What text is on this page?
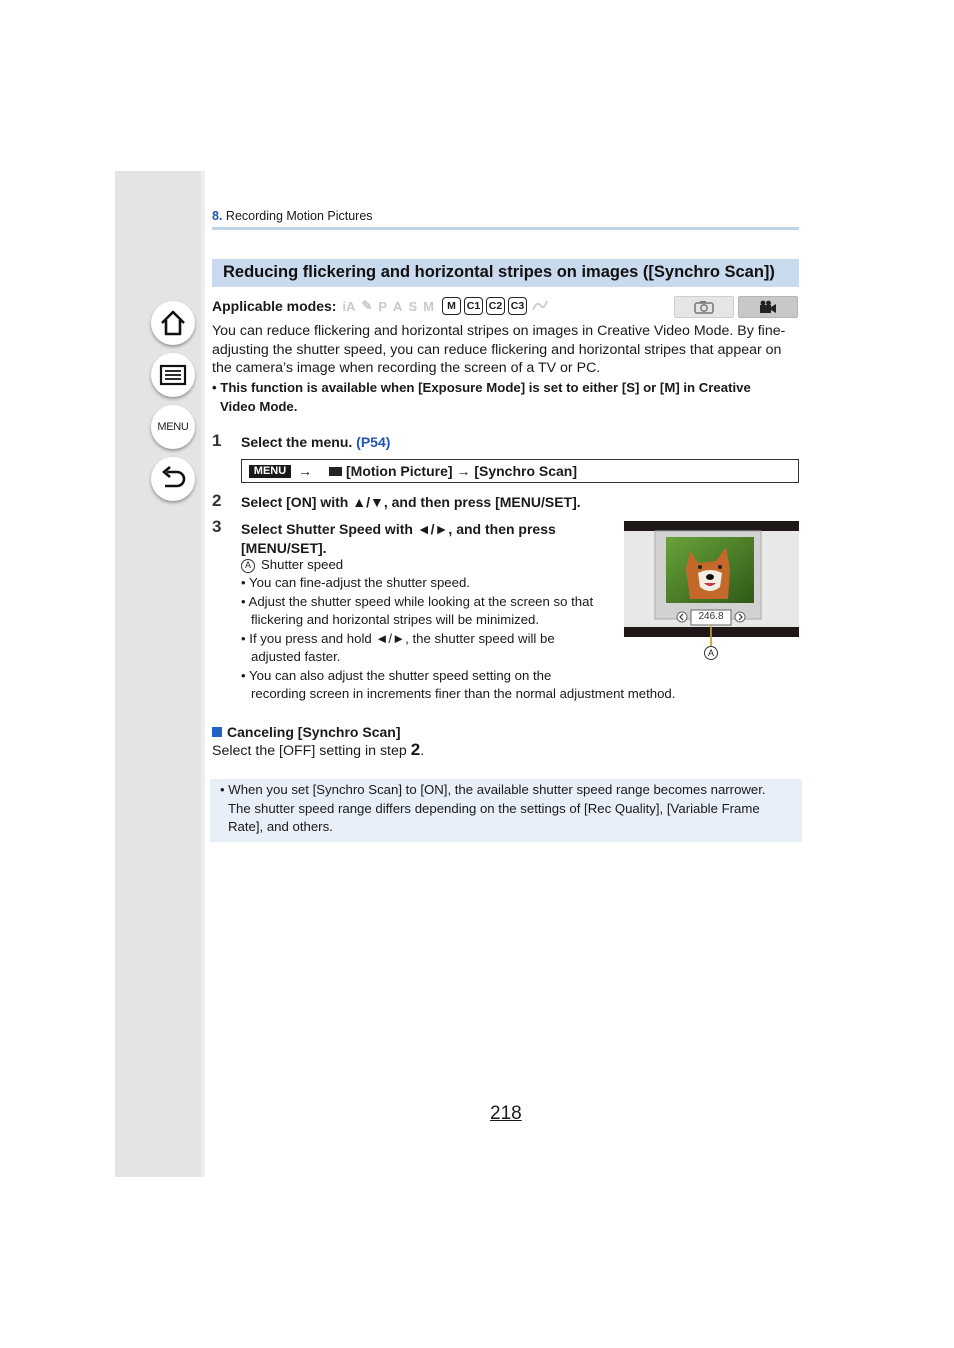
MENU
8. Recording Motion Pictures
Reducing flickering and horizontal stripes on images ([Synchro Scan])
Applicable modes: iA ✎ P A S M	M	C1 C2 C3
You can reduce flickering and horizontal stripes on images in Creative Video Mode. By fine-adjusting the shutter speed, you can reduce flickering and horizontal stripes that appear on the camera’s image when recording the screen of a TV or PC.
• This function is available when [Exposure Mode] is set to either [S] or [M] in Creative
Video Mode.
1 Select the menu. (P54)
MENU → [Motion Picture] → [Synchro Scan]
2 Select [ON] with ▲/▼, and then press [MENU/SET].
3 Select Shutter Speed with ◄/►, and then press
[MENU/SET].
A Shutter speed
• You can fine-adjust the shutter speed.
• Adjust the shutter speed while looking at the screen so that
flickering and horizontal stripes will be minimized.
• If you press and hold ◄/►, the shutter speed will be
adjusted faster.
• You can also adjust the shutter speed setting on the
recording screen in increments finer than the normal adjustment method.
246.8
A
Canceling [Synchro Scan]
Select the [OFF] setting in step 2.
• When you set [Synchro Scan] to [ON], the available shutter speed range becomes narrower.
The shutter speed range differs depending on the settings of [Rec Quality], [Variable Frame
Rate], and others.
218
